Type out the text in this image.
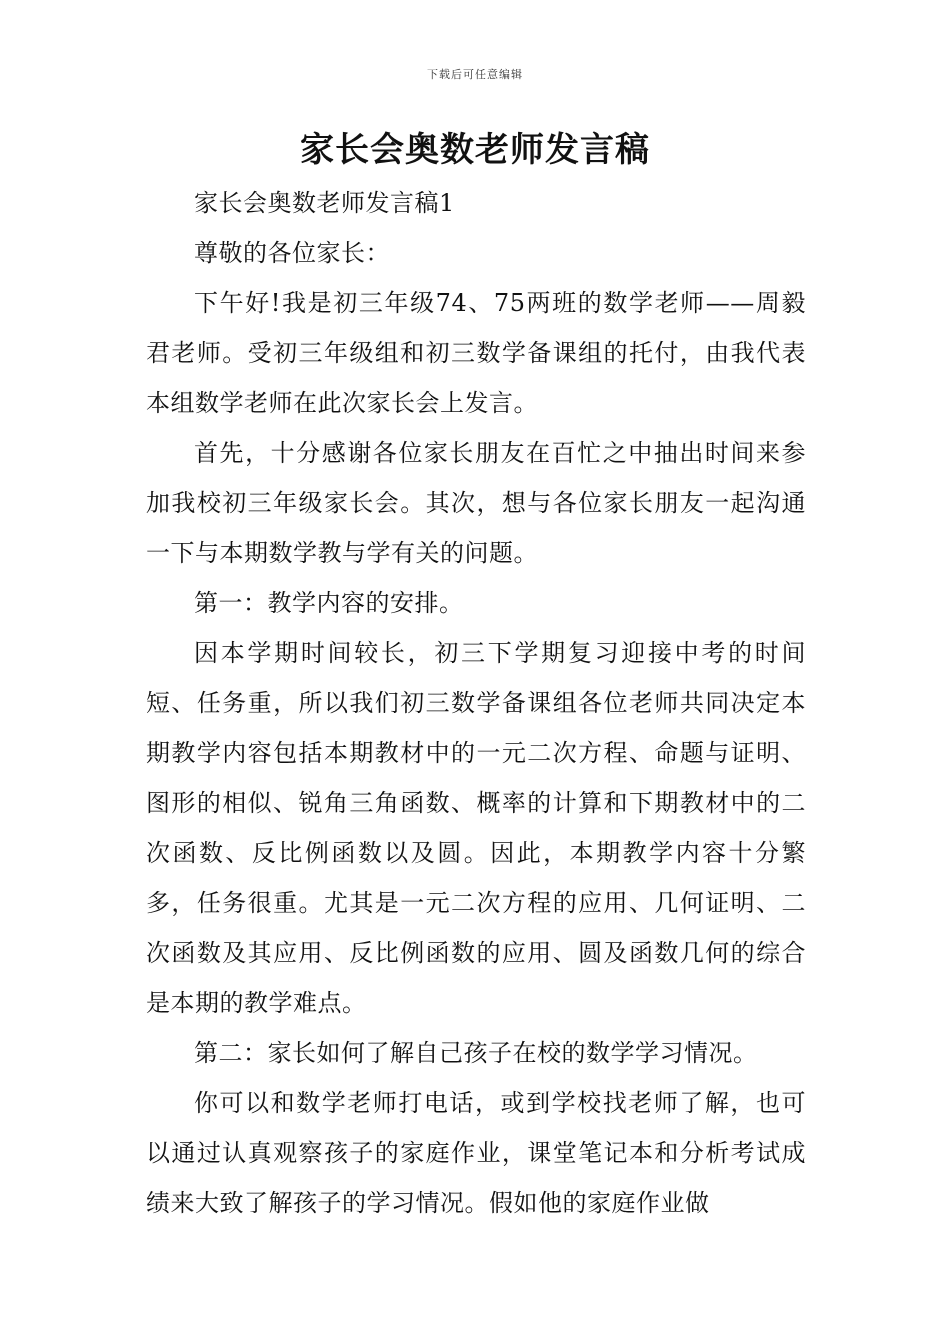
下载后可任意编辑
家长会奥数老师发言稿

家长会奥数老师发言稿1

尊敬的各位家长：

下午好!我是初三年级74、75两班的数学老师——周毅君老师。受初三年级组和初三数学备课组的托付，由我代表本组数学老师在此次家长会上发言。

首先，十分感谢各位家长朋友在百忙之中抽出时间来参加我校初三年级家长会。其次，想与各位家长朋友一起沟通一下与本期数学教与学有关的问题。

第一：教学内容的安排。

因本学期时间较长，初三下学期复习迎接中考的时间短、任务重，所以我们初三数学备课组各位老师共同决定本期教学内容包括本期教材中的一元二次方程、命题与证明、图形的相似、锐角三角函数、概率的计算和下期教材中的二次函数、反比例函数以及圆。因此，本期教学内容十分繁多，任务很重。尤其是一元二次方程的应用、几何证明、二次函数及其应用、反比例函数的应用、圆及函数几何的综合是本期的教学难点。

第二：家长如何了解自己孩子在校的数学学习情况。

你可以和数学老师打电话，或到学校找老师了解，也可以通过认真观察孩子的家庭作业，课堂笔记本和分析考试成绩来大致了解孩子的学习情况。假如他的家庭作业做
